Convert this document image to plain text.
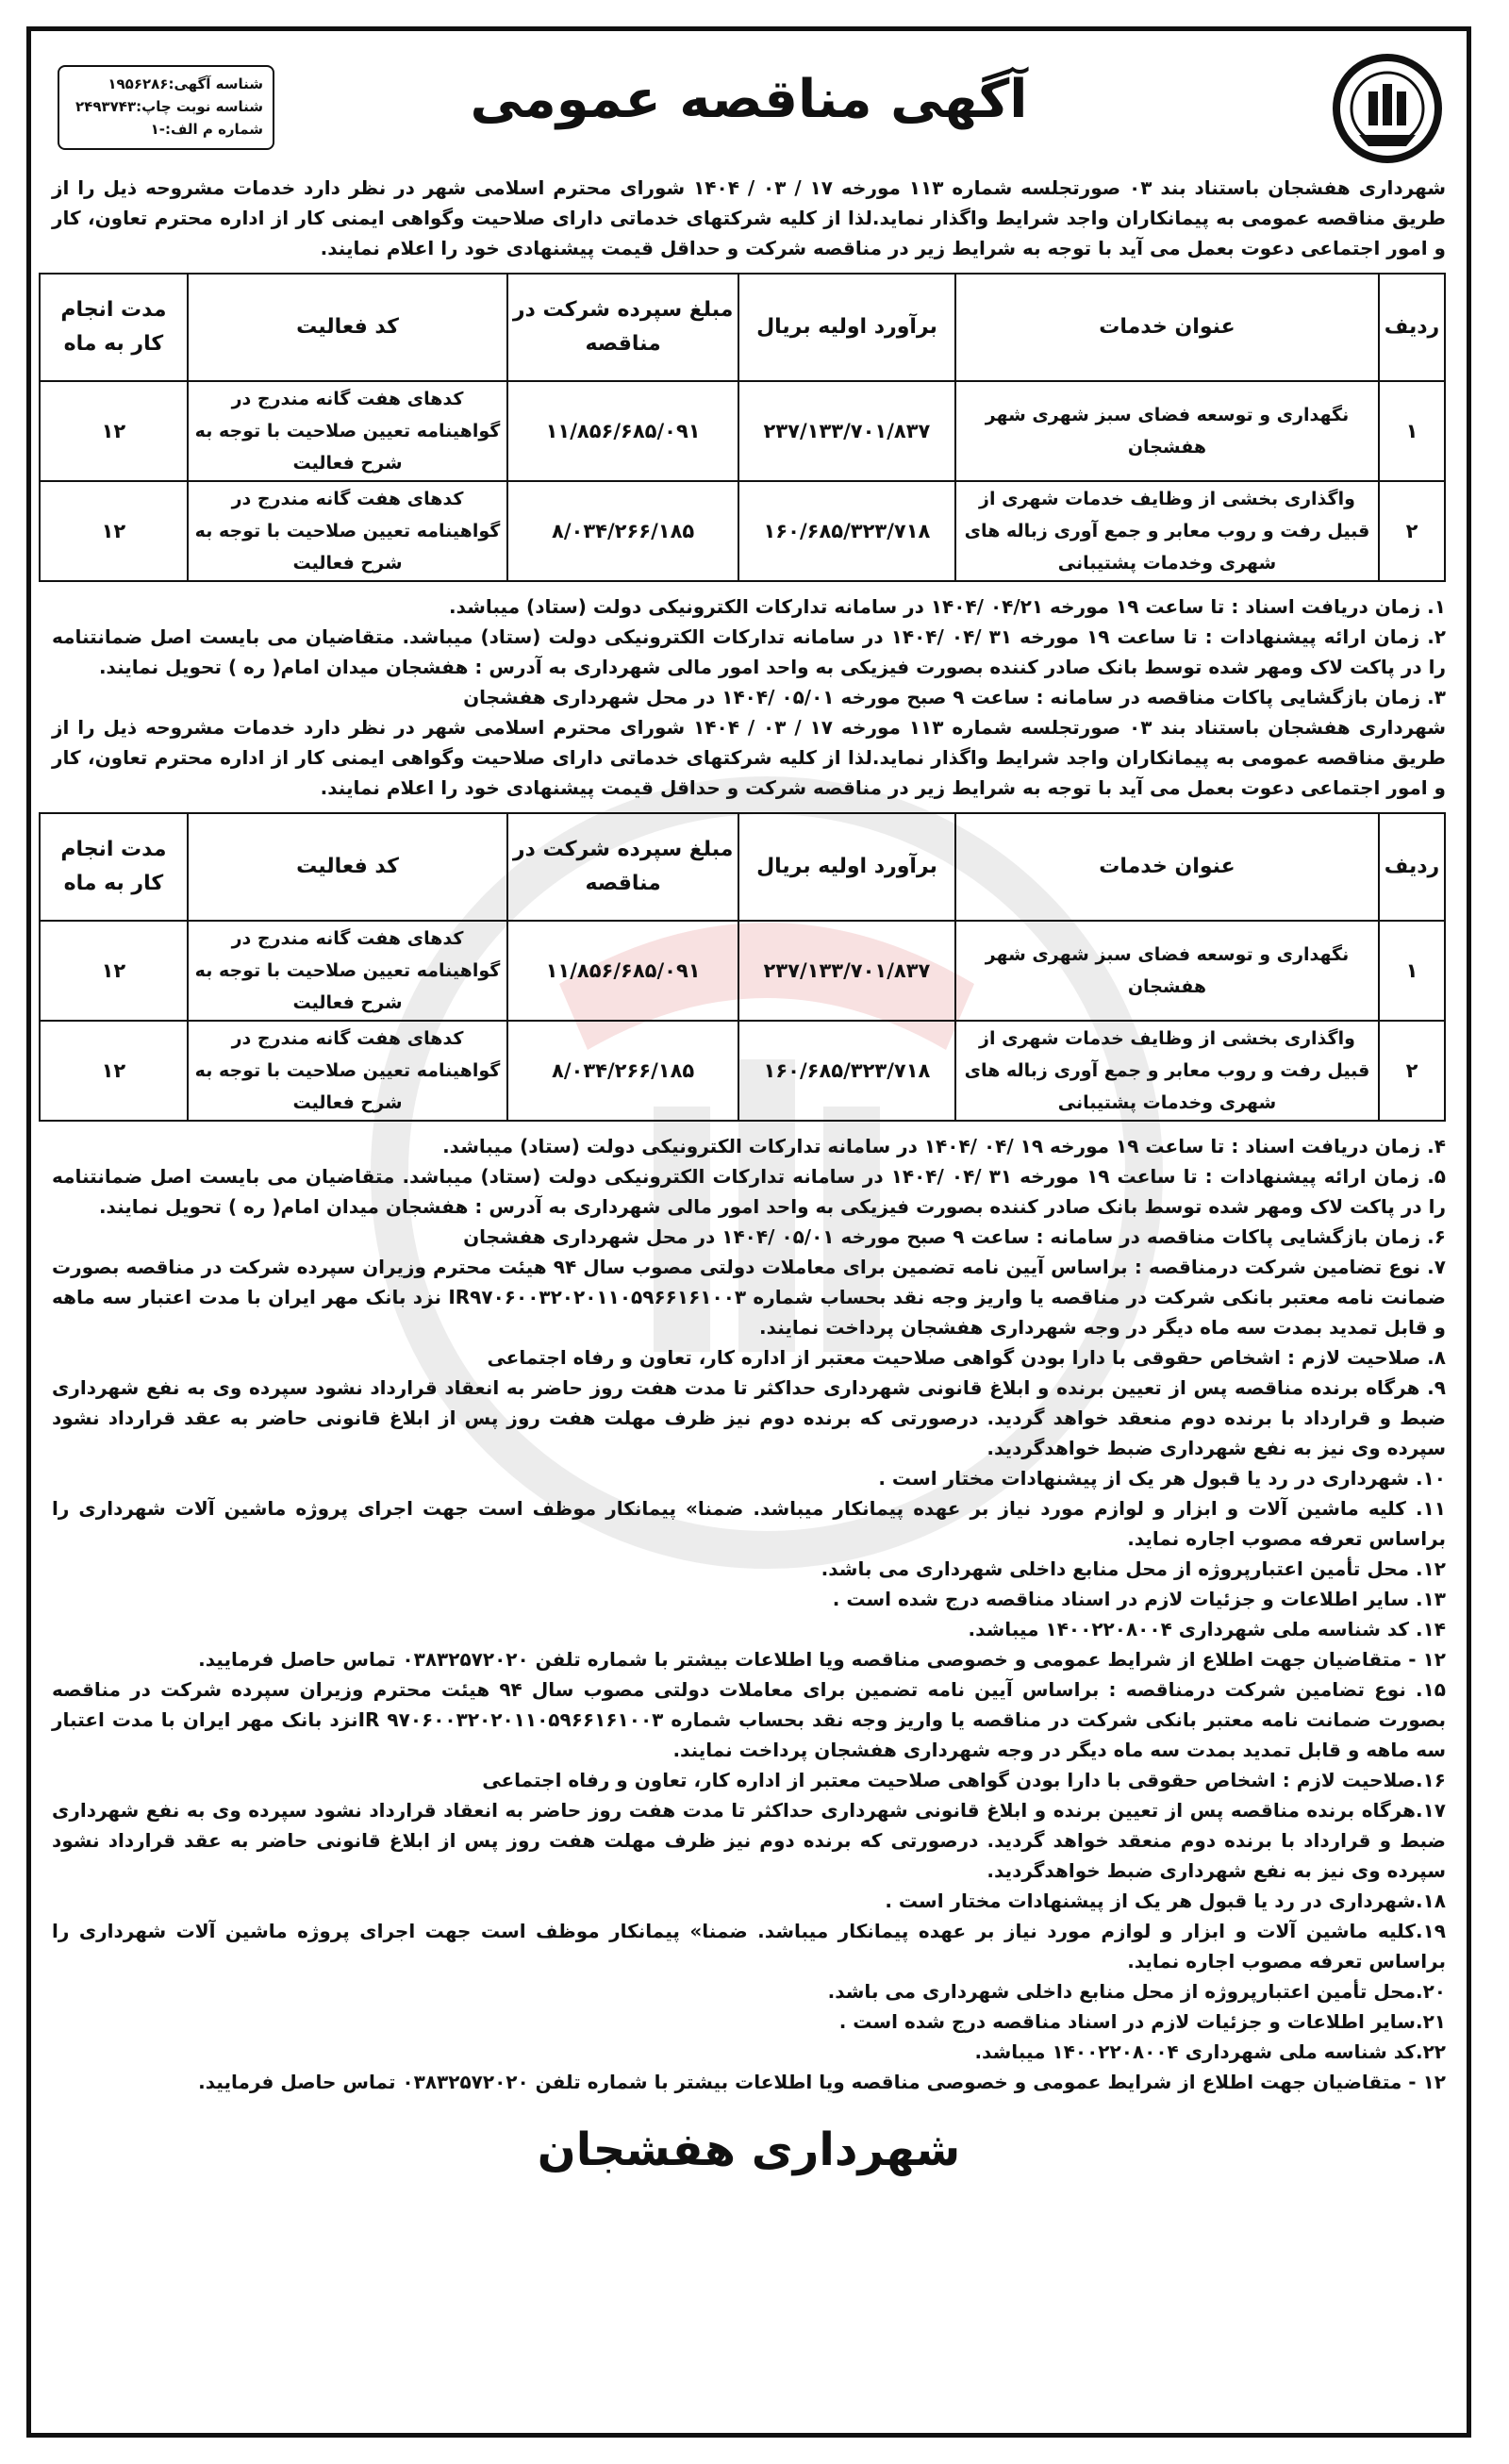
شناسه آگهی:۱۹۵۶۲۸۶
شناسه نوبت چاپ:۲۴۹۳۷۴۳
شماره م الف:-۱	آگهی مناقصه عمومی

شهرداری هفشجان باستناد بند ۰۳ صورتجلسه شماره ۱۱۳ مورخه ۱۷ / ۰۳ / ۱۴۰۴ شورای محترم اسلامی شهر در نظر دارد خدمات مشروحه ذیل را از طریق مناقصه عمومی به پیمانکاران واجد شرایط واگذار نماید.لذا از کلیه شرکتهای خدماتی دارای صلاحیت وگواهی ایمنی کار از اداره محترم تعاون، کار و امور اجتماعی دعوت بعمل می آید با توجه به شرایط زیر در مناقصه شرکت و حداقل قیمت پیشنهادی خود را اعلام نمایند.

ردیف	عنوان خدمات	برآورد اولیه بریال	مبلغ سپرده شرکت در مناقصه	کد فعالیت	مدت انجام کار به ماه
۱	نگهداری و توسعه فضای سبز شهری شهر هفشجان	۲۳۷/۱۳۳/۷۰۱/۸۳۷	۱۱/۸۵۶/۶۸۵/۰۹۱	کدهای هفت گانه مندرج در گواهینامه تعیین صلاحیت با توجه به شرح فعالیت	۱۲
۲	واگذاری بخشی از وظایف خدمات شهری از قبیل رفت و روب معابر و جمع آوری زباله های شهری وخدمات پشتیبانی	۱۶۰/۶۸۵/۳۲۳/۷۱۸	۸/۰۳۴/۲۶۶/۱۸۵	کدهای هفت گانه مندرج در گواهینامه تعیین صلاحیت با توجه به شرح فعالیت	۱۲
۱. زمان دریافت اسناد : تا ساعت ۱۹ مورخه ۰۴/۲۱ /۱۴۰۴ در سامانه تدارکات الکترونیکی دولت (ستاد) میباشد.
۲. زمان ارائه پیشنهادات : تا ساعت ۱۹ مورخه ۳۱ /۰۴ /۱۴۰۴ در سامانه تدارکات الکترونیکی دولت (ستاد) میباشد. متقاضیان می بایست اصل ضمانتنامه را در پاکت لاک ومهر شده توسط بانک صادر کننده بصورت فیزیکی به واحد امور مالی شهرداری به آدرس : هفشجان میدان امام( ره ) تحویل نمایند.
۳. زمان بازگشایی پاکات مناقصه در سامانه : ساعت ۹ صبح مورخه ۰۵/۰۱ /۱۴۰۴ در محل شهرداری هفشجان

شهرداری هفشجان باستناد بند ۰۳ صورتجلسه شماره ۱۱۳ مورخه ۱۷ / ۰۳ / ۱۴۰۴ شورای محترم اسلامی شهر در نظر دارد خدمات مشروحه ذیل را از طریق مناقصه عمومی به پیمانکاران واجد شرایط واگذار نماید.لذا از کلیه شرکتهای خدماتی دارای صلاحیت وگواهی ایمنی کار از اداره محترم تعاون، کار و امور اجتماعی دعوت بعمل می آید با توجه به شرایط زیر در مناقصه شرکت و حداقل قیمت پیشنهادی خود را اعلام نمایند.

ردیف	عنوان خدمات	برآورد اولیه بریال	مبلغ سپرده شرکت در مناقصه	کد فعالیت	مدت انجام کار به ماه
۱	نگهداری و توسعه فضای سبز شهری شهر هفشجان	۲۳۷/۱۳۳/۷۰۱/۸۳۷	۱۱/۸۵۶/۶۸۵/۰۹۱	کدهای هفت گانه مندرج در گواهینامه تعیین صلاحیت با توجه به شرح فعالیت	۱۲
۲	واگذاری بخشی از وظایف خدمات شهری از قبیل رفت و روب معابر و جمع آوری زباله های شهری وخدمات پشتیبانی	۱۶۰/۶۸۵/۳۲۳/۷۱۸	۸/۰۳۴/۲۶۶/۱۸۵	کدهای هفت گانه مندرج در گواهینامه تعیین صلاحیت با توجه به شرح فعالیت	۱۲
۴. زمان دریافت اسناد : تا ساعت ۱۹ مورخه ۱۹ /۰۴ /۱۴۰۴ در سامانه تدارکات الکترونیکی دولت (ستاد) میباشد.
۵. زمان ارائه پیشنهادات : تا ساعت ۱۹ مورخه ۳۱ /۰۴ /۱۴۰۴ در سامانه تدارکات الکترونیکی دولت (ستاد) میباشد. متقاضیان می بایست اصل ضمانتنامه را در پاکت لاک ومهر شده توسط بانک صادر کننده بصورت فیزیکی به واحد امور مالی شهرداری به آدرس : هفشجان میدان امام( ره ) تحویل نمایند.
۶. زمان بازگشایی پاکات مناقصه در سامانه : ساعت ۹ صبح مورخه ۰۵/۰۱ /۱۴۰۴ در محل شهرداری هفشجان
۷. نوع تضامین شرکت درمناقصه : براساس آیین نامه تضمین برای معاملات دولتی مصوب سال ۹۴ هیئت محترم وزیران سپرده شرکت در مناقصه بصورت ضمانت نامه معتبر بانکی شرکت در مناقصه یا واریز وجه نقد بحساب شماره IR۹۷۰۶۰۰۳۲۰۲۰۱۱۰۵۹۶۶۱۶۱۰۰۳ نزد بانک مهر ایران با مدت اعتبار سه ماهه و قابل تمدید بمدت سه ماه دیگر در وجه شهرداری هفشجان پرداخت نمایند.
۸. صلاحیت لازم : اشخاص حقوقی با دارا بودن گواهی صلاحیت معتبر از اداره کار، تعاون و رفاه اجتماعی
۹. هرگاه برنده مناقصه پس از تعیین برنده و ابلاغ قانونی شهرداری حداکثر تا مدت هفت روز حاضر به انعقاد قرارداد نشود سپرده وی به نفع شهرداری ضبط و قرارداد با برنده دوم منعقد خواهد گردید. درصورتی که برنده دوم نیز ظرف مهلت هفت روز پس از ابلاغ قانونی حاضر به عقد قرارداد نشود سپرده وی نیز به نفع شهرداری ضبط خواهدگردید.
۱۰. شهرداری در رد یا قبول هر یک از پیشنهادات مختار است .
۱۱. کلیه ماشین آلات و ابزار و لوازم مورد نیاز بر عهده پیمانکار میباشد. ضمنا» پیمانکار موظف است جهت اجرای پروژه ماشین آلات شهرداری را براساس تعرفه مصوب اجاره نماید.
۱۲. محل تأمین اعتبارپروژه از محل منابع داخلی شهرداری می باشد.
۱۳. سایر اطلاعات و جزئیات لازم در اسناد مناقصه درج شده است .
۱۴. کد شناسه ملی شهرداری ۱۴۰۰۲۲۰۸۰۰۴ میباشد.
۱۲ - متقاضیان جهت اطلاع از شرایط عمومی و خصوصی مناقصه ویا اطلاعات بیشتر با شماره تلفن ۰۳۸۳۲۵۷۲۰۲۰ تماس حاصل فرمایید.
۱۵. نوع تضامین شرکت درمناقصه : براساس آیین نامه تضمین برای معاملات دولتی مصوب سال ۹۴ هیئت محترم وزیران سپرده شرکت در مناقصه بصورت ضمانت نامه معتبر بانکی شرکت در مناقصه یا واریز وجه نقد بحساب شماره IR ۹۷۰۶۰۰۳۲۰۲۰۱۱۰۵۹۶۶۱۶۱۰۰۳نزد بانک مهر ایران با مدت اعتبار سه ماهه و قابل تمدید بمدت سه ماه دیگر در وجه شهرداری هفشجان پرداخت نمایند.
۱۶.صلاحیت لازم : اشخاص حقوقی با دارا بودن گواهی صلاحیت معتبر از اداره کار، تعاون و رفاه اجتماعی
۱۷.هرگاه برنده مناقصه پس از تعیین برنده و ابلاغ قانونی شهرداری حداکثر تا مدت هفت روز حاضر به انعقاد قرارداد نشود سپرده وی به نفع شهرداری ضبط و قرارداد با برنده دوم منعقد خواهد گردید. درصورتی که برنده دوم نیز ظرف مهلت هفت روز پس از ابلاغ قانونی حاضر به عقد قرارداد نشود سپرده وی نیز به نفع شهرداری ضبط خواهدگردید.
۱۸.شهرداری در رد یا قبول هر یک از پیشنهادات مختار است .
۱۹.کلیه ماشین آلات و ابزار و لوازم مورد نیاز بر عهده پیمانکار میباشد. ضمنا» پیمانکار موظف است جهت اجرای پروژه ماشین آلات شهرداری را براساس تعرفه مصوب اجاره نماید.
۲۰.محل تأمین اعتبارپروژه از محل منابع داخلی شهرداری می باشد.
۲۱.سایر اطلاعات و جزئیات لازم در اسناد مناقصه درج شده است .
۲۲.کد شناسه ملی شهرداری ۱۴۰۰۲۲۰۸۰۰۴ میباشد.
۱۲ - متقاضیان جهت اطلاع از شرایط عمومی و خصوصی مناقصه ویا اطلاعات بیشتر با شماره تلفن ۰۳۸۳۲۵۷۲۰۲۰ تماس حاصل فرمایید.
شهرداری هفشجان
